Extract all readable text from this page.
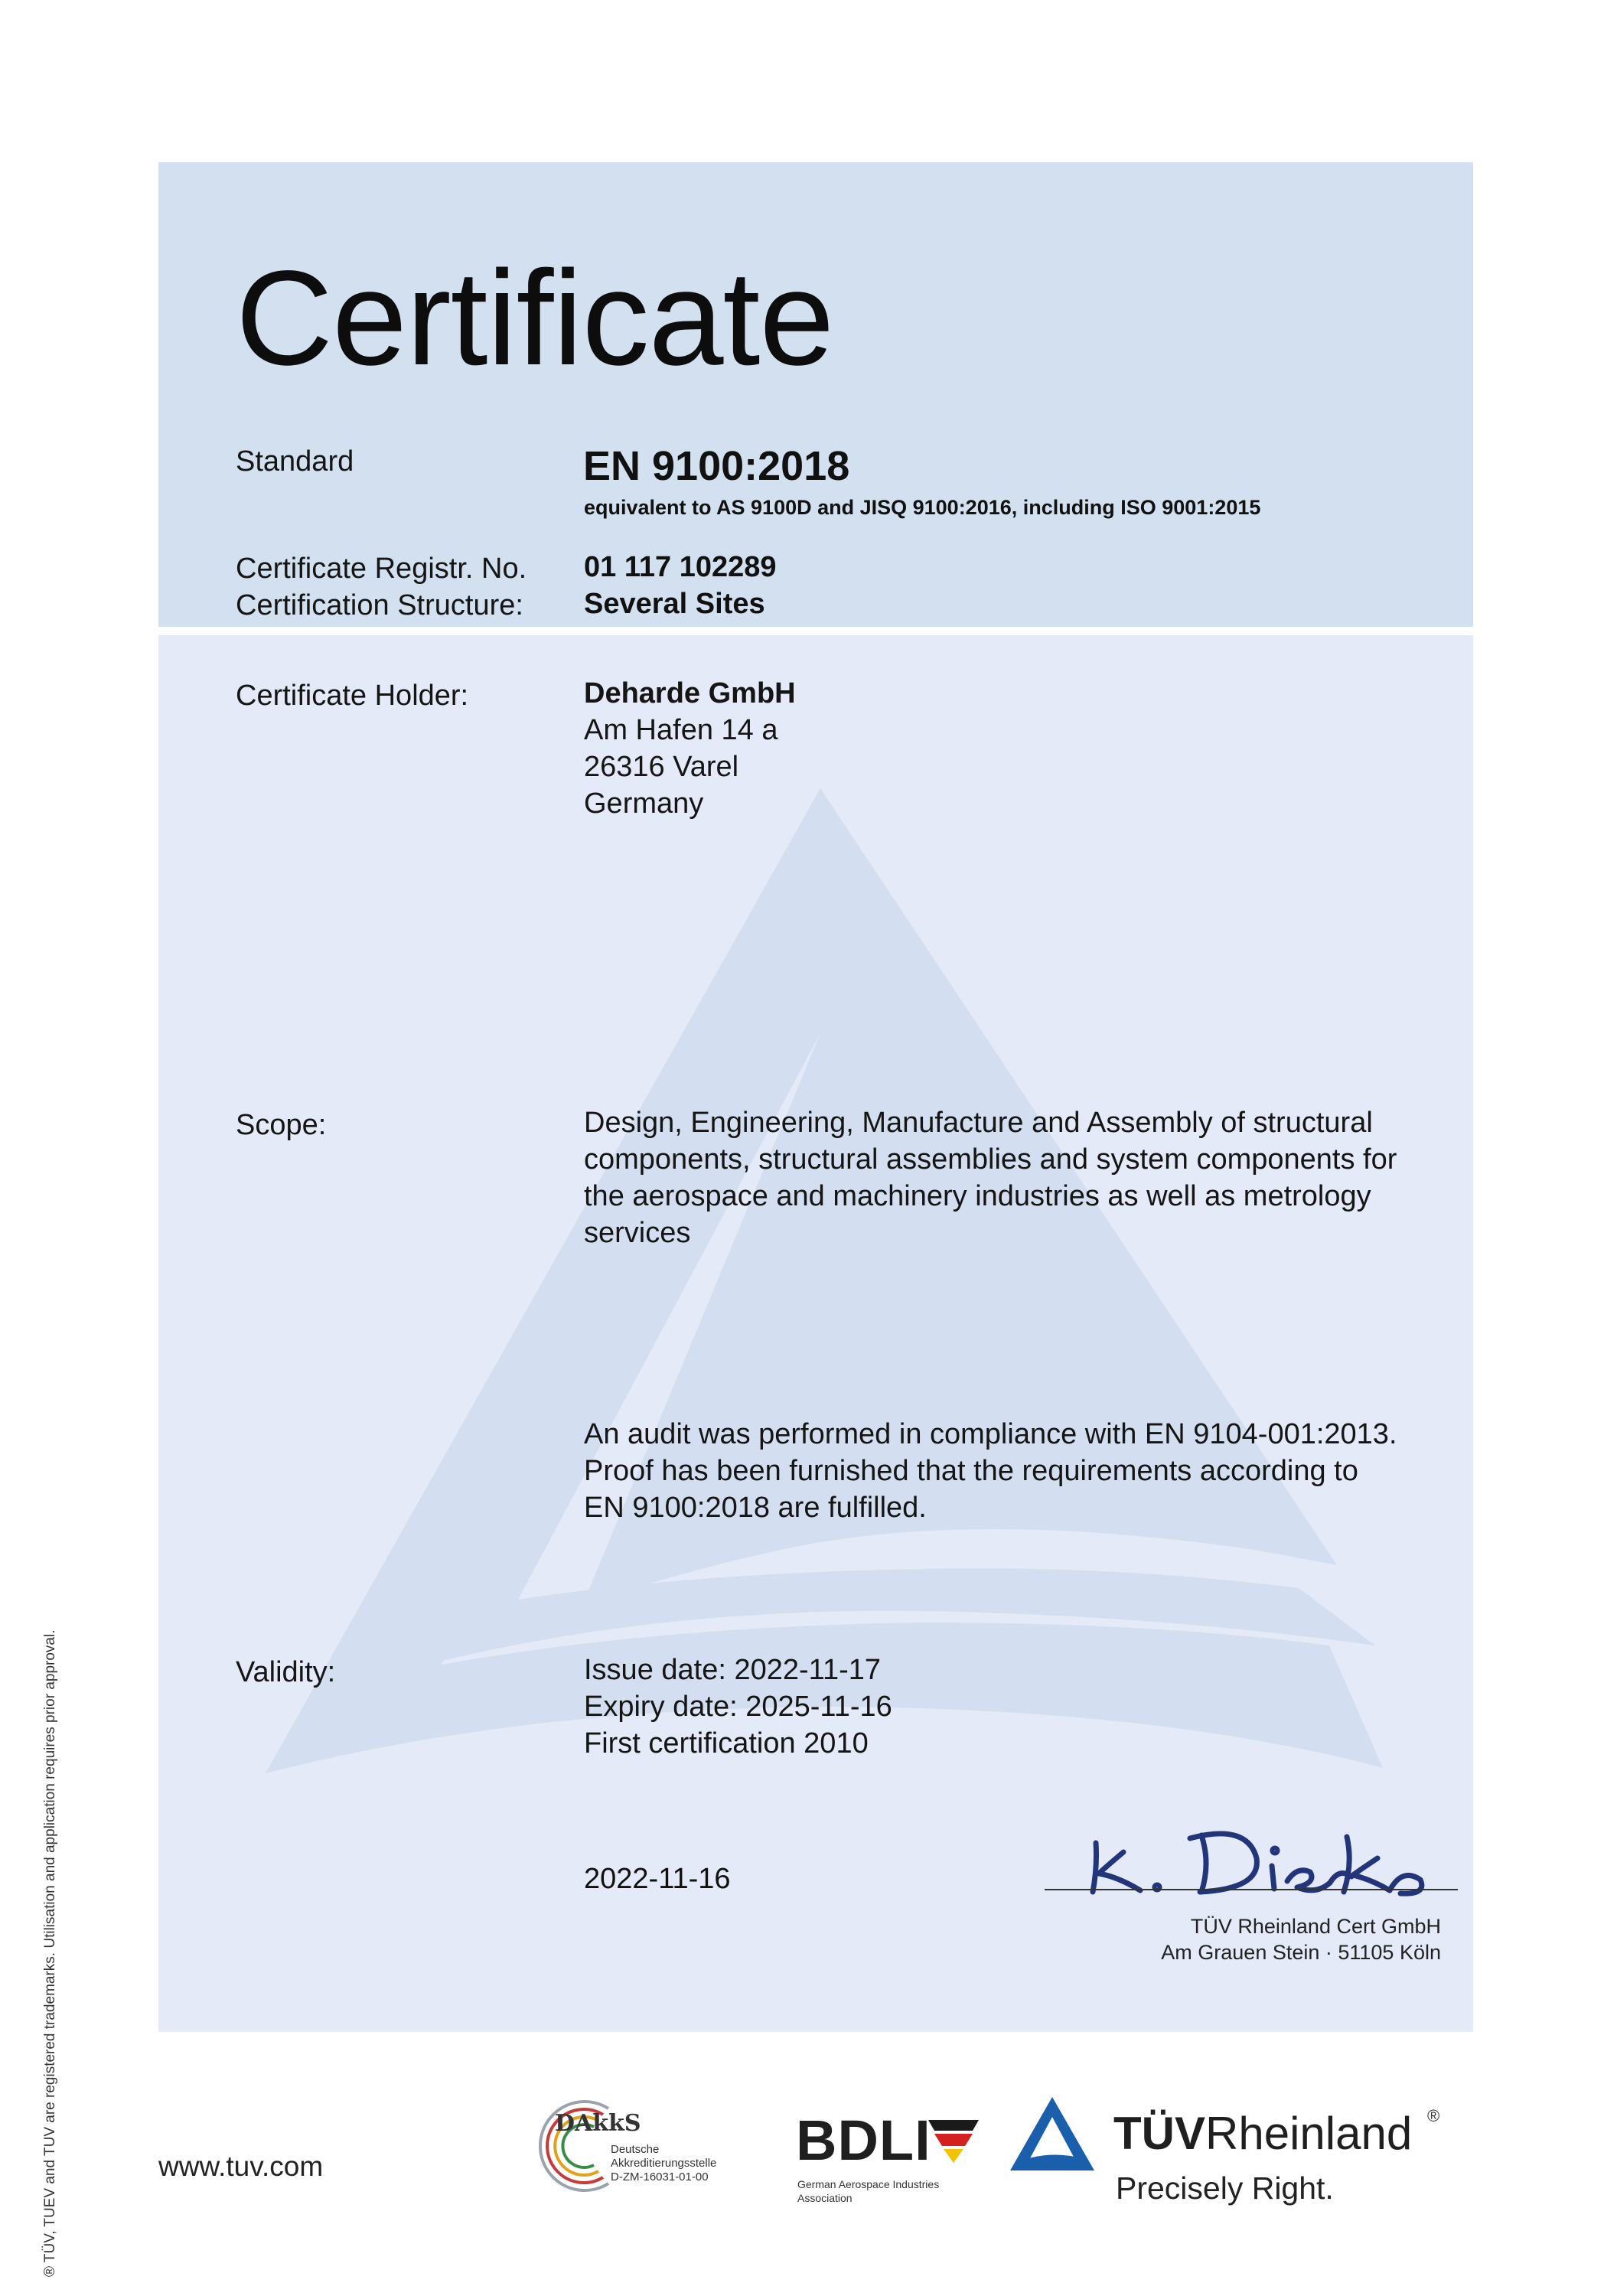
Certificate
Standard	EN 9100:2018
equivalent to AS 9100D and JISQ 9100:2016, including ISO 9001:2015
Certificate Registr. No. 01 117 102289
Certification Structure: Several Sites
Certificate Holder:	Deharde GmbH
Am Hafen 14 a
26316 Varel
Germany
Scope:	Design, Engineering, Manufacture and Assembly of structural
components, structural assemblies and system components for
the aerospace and machinery industries as well as metrology
services
An audit was performed in compliance with EN 9104-001:2013.
Proof has been furnished that the requirements according to
EN 9100:2018 are fulfilled.
Validity:	Issue date: 2022-11-17
Expiry date: 2025-11-16
First certification 2010
2022-11-16
TÜV Rheinland Cert GmbH
Am Grauen Stein · 51105 Köln
® TÜV, TUEV and TUV are registered trademarks. Utilisation and application requires prior approval.	www.tuv.com
DAkkS
Deutsche
Akkreditierungsstelle
D-ZM-16031-01-00
BDLI
German Aerospace Industries
Association
TÜVRheinland ®
Precisely Right.
